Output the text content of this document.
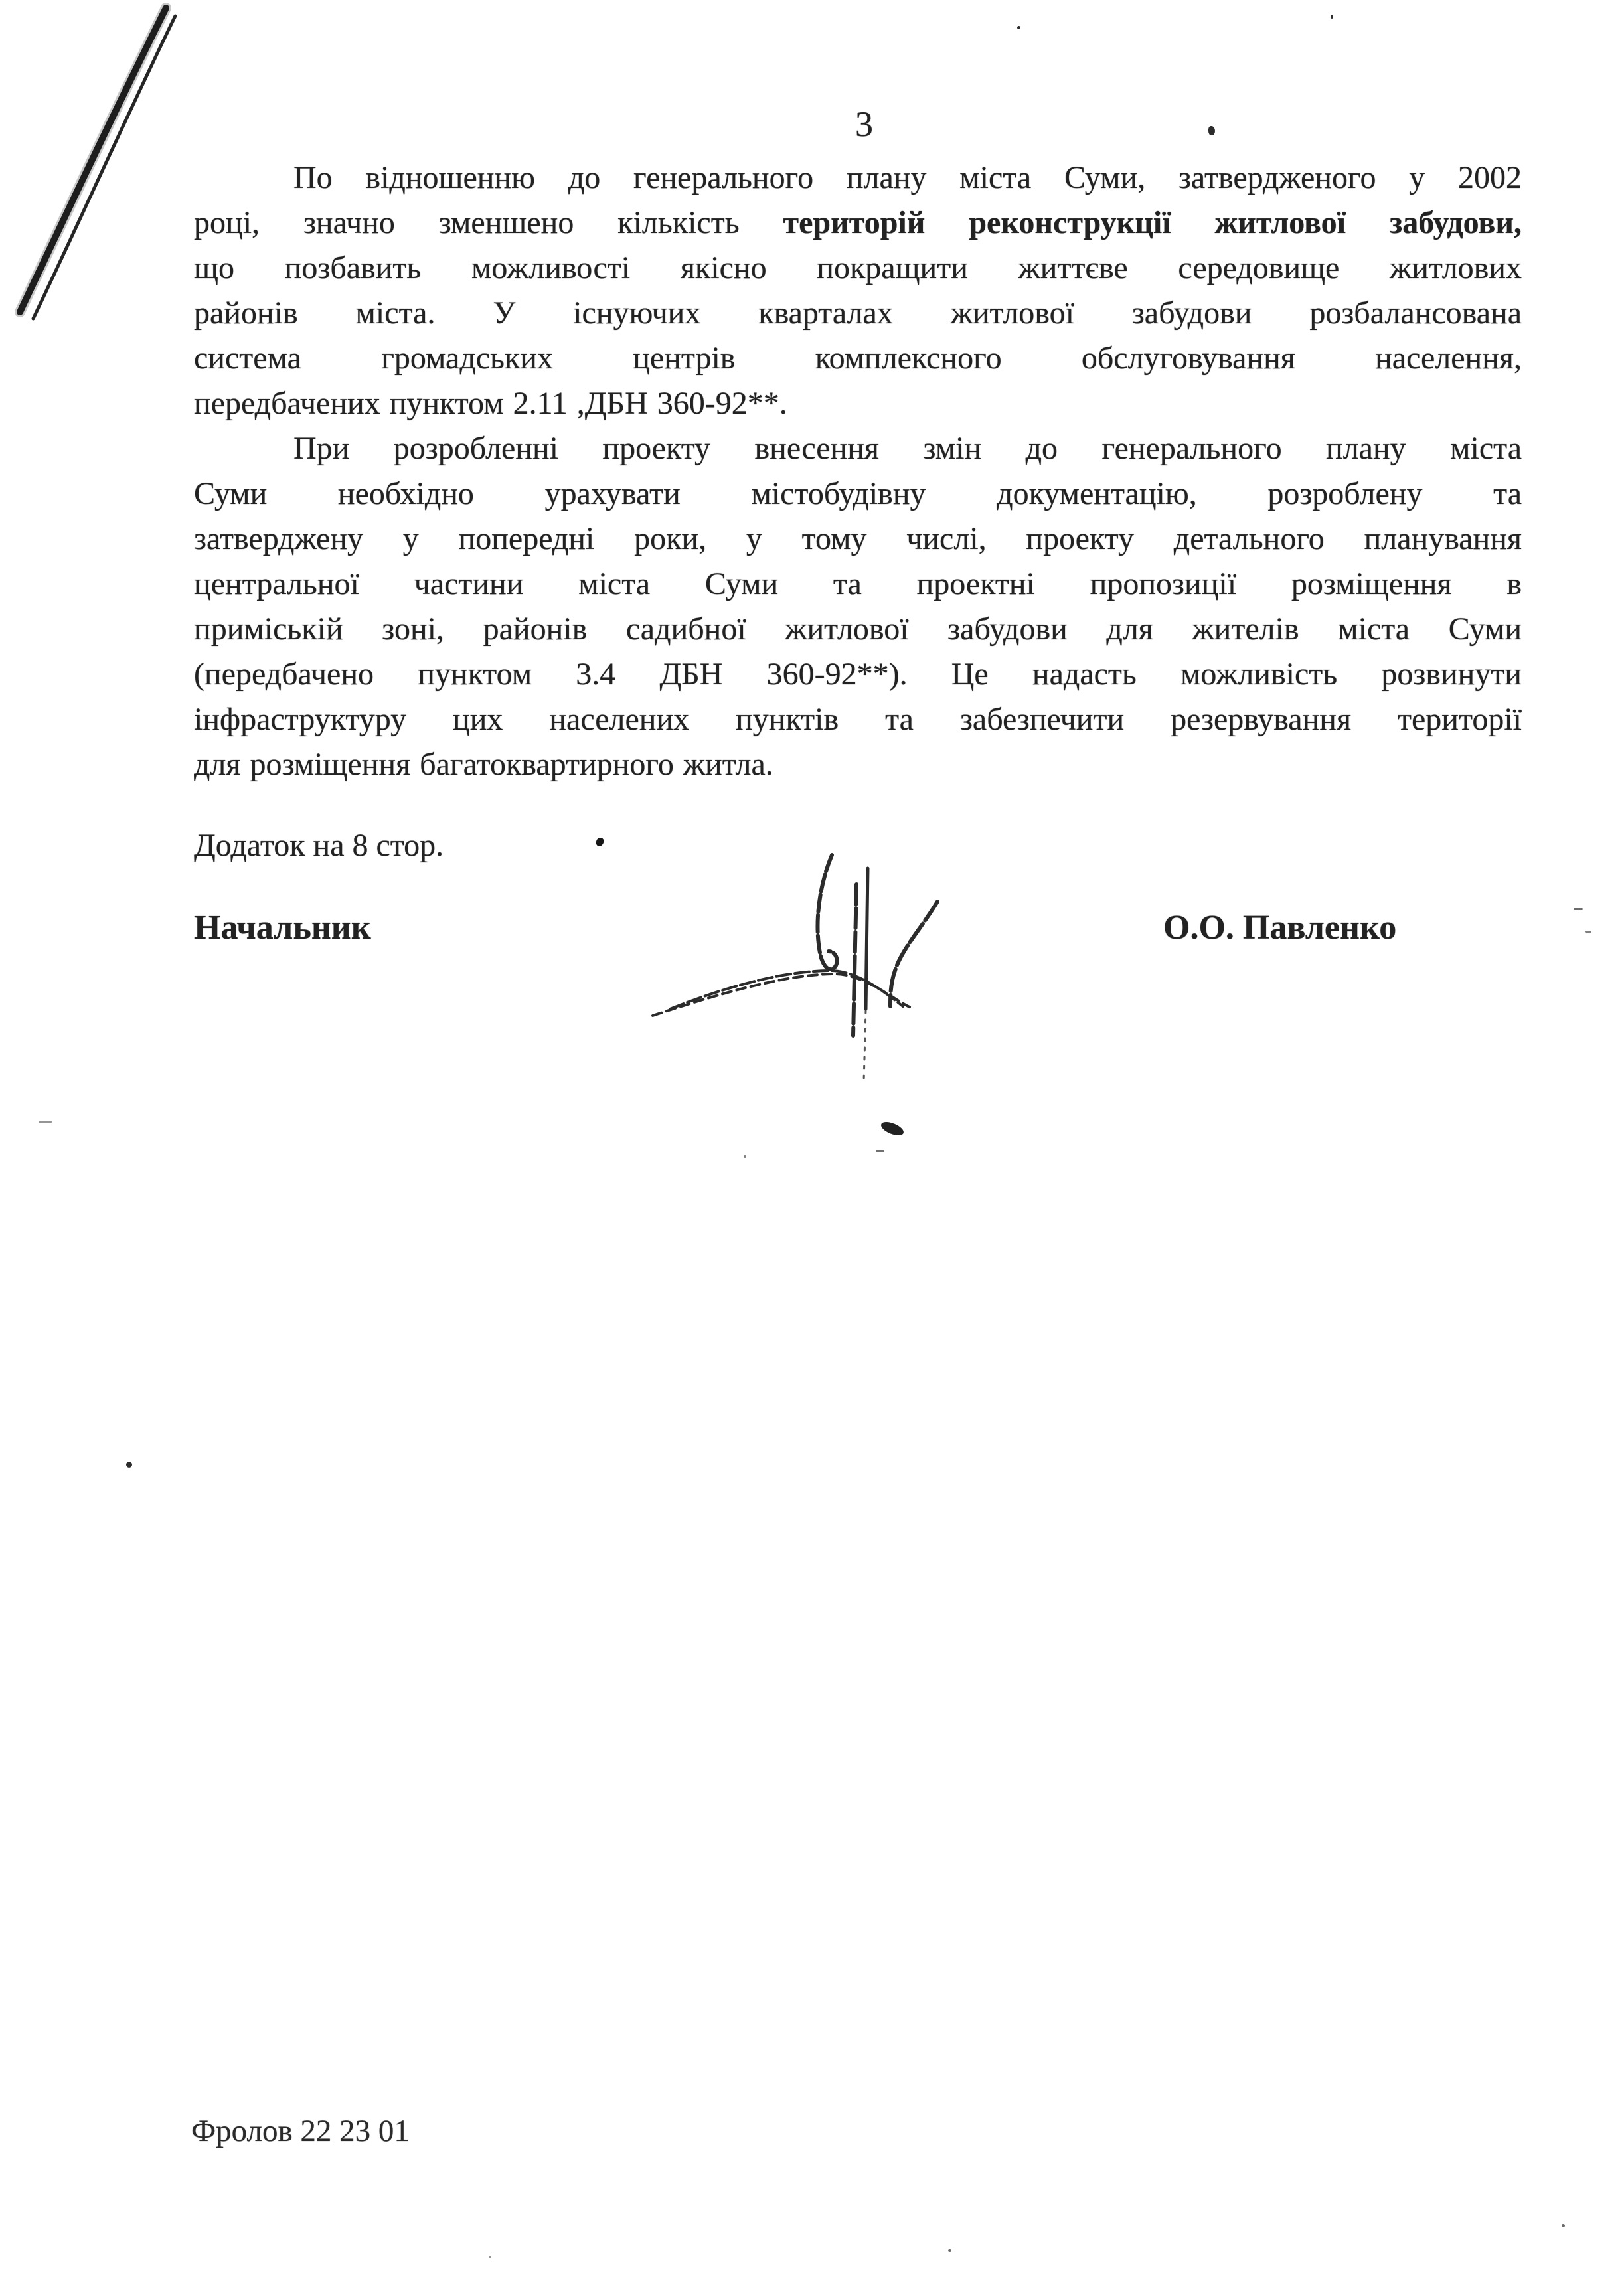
3
По відношенню до генерального плану міста Суми, затвердженого у 2002
році, значно зменшено кількість територій реконструкції житлової забудови,
що позбавить можливості якісно покращити життєве середовище житлових
районів міста. У існуючих кварталах житлової забудови розбалансована
система громадських центрів комплексного обслуговування населення,
передбачених пунктом 2.11 ,ДБН 360-92**.
При розробленні проекту внесення змін до генерального плану міста
Суми необхідно урахувати містобудівну документацію, розроблену та
затверджену у попередні роки, у тому числі, проекту детального планування
центральної частини міста Суми та проектні пропозиції розміщення в
приміській зоні, районів садибної житлової забудови для жителів міста Суми
(передбачено пунктом 3.4 ДБН 360-92**). Це надасть можливість розвинути
інфраструктуру цих населених пунктів та забезпечити резервування території
для розміщення багатоквартирного житла.
Додаток на 8 стор.
Начальник	О.О. Павленко
Фролов 22 23 01
